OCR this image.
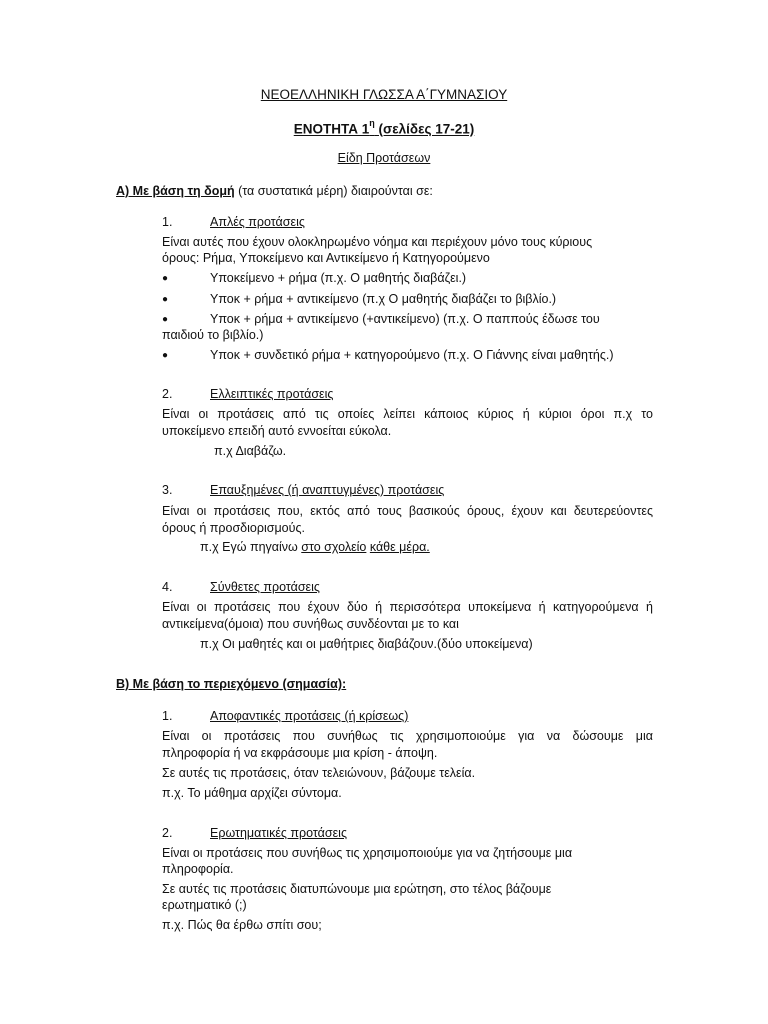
ΝΕΟΕΛΛΗΝΙΚΗ ΓΛΩΣΣΑ Α΄ΓΥΜΝΑΣΙΟΥ
ΕΝΟΤΗΤΑ $1^\eta$ (σελίδες 17-21)
Είδη Προτάσεων
Α) Με βάση τη δομή (τα συστατικά μέρη) διαιρούνται σε:
1.	Απλές προτάσεις
Είναι αυτές που έχουν ολοκληρωμένο νόημα και περιέχουν μόνο τους κύριους
όρους: Ρήμα, Υποκείμενο και Αντικείμενο ή Κατηγορούμενο
●	Υποκείμενο + ρήμα (π.χ. Ο μαθητής διαβάζει.)
●	Υποκ + ρήμα + αντικείμενο (π.χ Ο μαθητής διαβάζει το βιβλίο.)
●	Υποκ + ρήμα + αντικείμενο (+αντικείμενο) (π.χ. Ο παππούς έδωσε του
παιδιού το βιβλίο.)
●	Υποκ + συνδετικό ρήμα + κατηγορούμενο (π.χ. Ο Γιάννης είναι μαθητής.)
2.	Ελλειπτικές προτάσεις
Είναι οι προτάσεις από τις οποίες λείπει κάποιος κύριος ή κύριοι όροι π.χ το
υποκείμενο επειδή αυτό εννοείται εύκολα.
π.χ Διαβάζω.
3.	Επαυξημένες (ή αναπτυγμένες) προτάσεις
Είναι οι προτάσεις που, εκτός από τους βασικούς όρους, έχουν και δευτερεύοντες
όρους ή προσδιορισμούς.
π.χ Εγώ πηγαίνω στο σχολείο κάθε μέρα.
4.	Σύνθετες προτάσεις
Είναι οι προτάσεις που έχουν δύο ή περισσότερα υποκείμενα ή κατηγορούμενα ή
αντικείμενα(όμοια) που συνήθως συνδέονται με το και
π.χ Οι μαθητές και οι μαθήτριες διαβάζουν.(δύο υποκείμενα)
Β) Με βάση το περιεχόμενο (σημασία):
1.	Αποφαντικές προτάσεις (ή κρίσεως)
Είναι οι προτάσεις που συνήθως τις χρησιμοποιούμε για να δώσουμε μια
πληροφορία ή να εκφράσουμε μια κρίση - άποψη.
Σε αυτές τις προτάσεις, όταν τελειώνουν, βάζουμε τελεία.
π.χ. Το μάθημα αρχίζει σύντομα.
2.	Ερωτηματικές προτάσεις
Είναι οι προτάσεις που συνήθως τις χρησιμοποιούμε για να ζητήσουμε μια
πληροφορία.
Σε αυτές τις προτάσεις διατυπώνουμε μια ερώτηση, στο τέλος βάζουμε
ερωτηματικό (;)
π.χ. Πώς θα έρθω σπίτι σου;
